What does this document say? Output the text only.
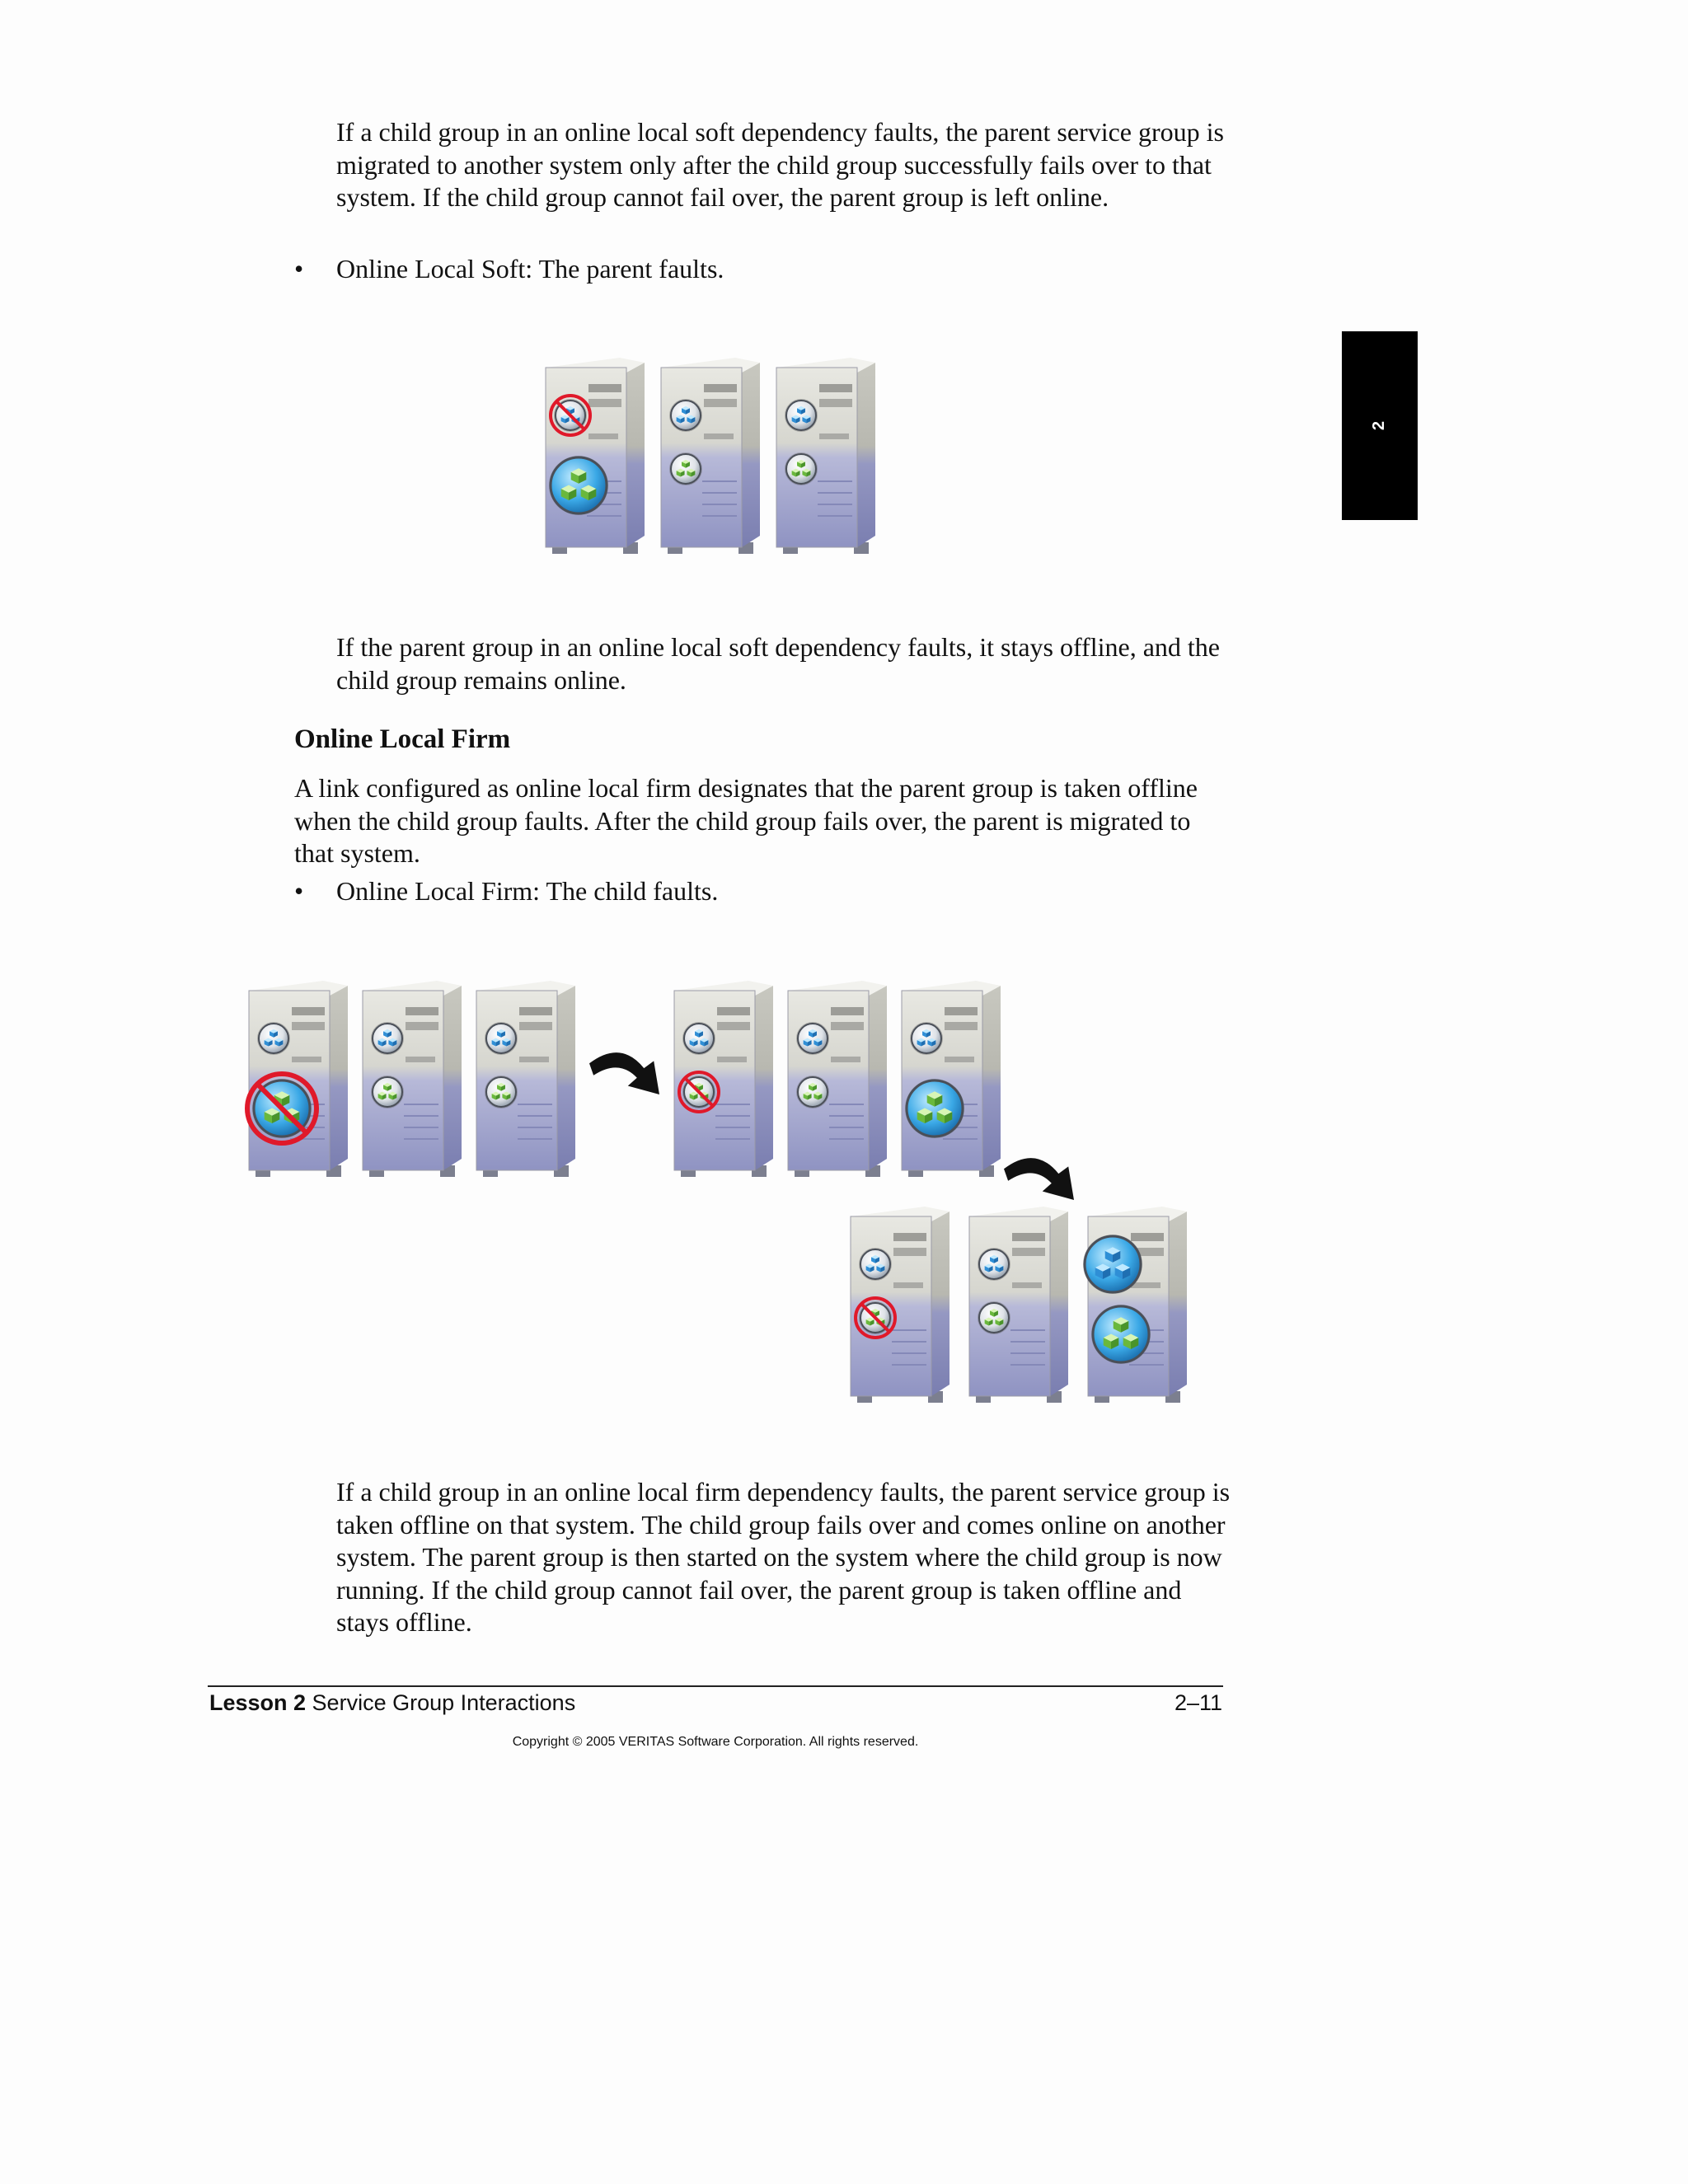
If a child group in an online local soft dependency faults, the parent service group is migrated to another system only after the child group successfully fails over to that system. If the child group cannot fail over, the parent group is left online.

• Online Local Soft: The parent faults.

If the parent group in an online local soft dependency faults, it stays offline, and the child group remains online.

Online Local Firm

A link configured as online local firm designates that the parent group is taken offline when the child group faults. After the child group fails over, the parent is migrated to that system.

• Online Local Firm: The child faults.

If a child group in an online local firm dependency faults, the parent service group is taken offline on that system. The child group fails over and comes online on another system. The parent group is then started on the system where the child group is now running. If the child group cannot fail over, the parent group is taken offline and stays offline.

2
Lesson 2 Service Group Interactions	2–11
Copyright © 2005 VERITAS Software Corporation. All rights reserved.
